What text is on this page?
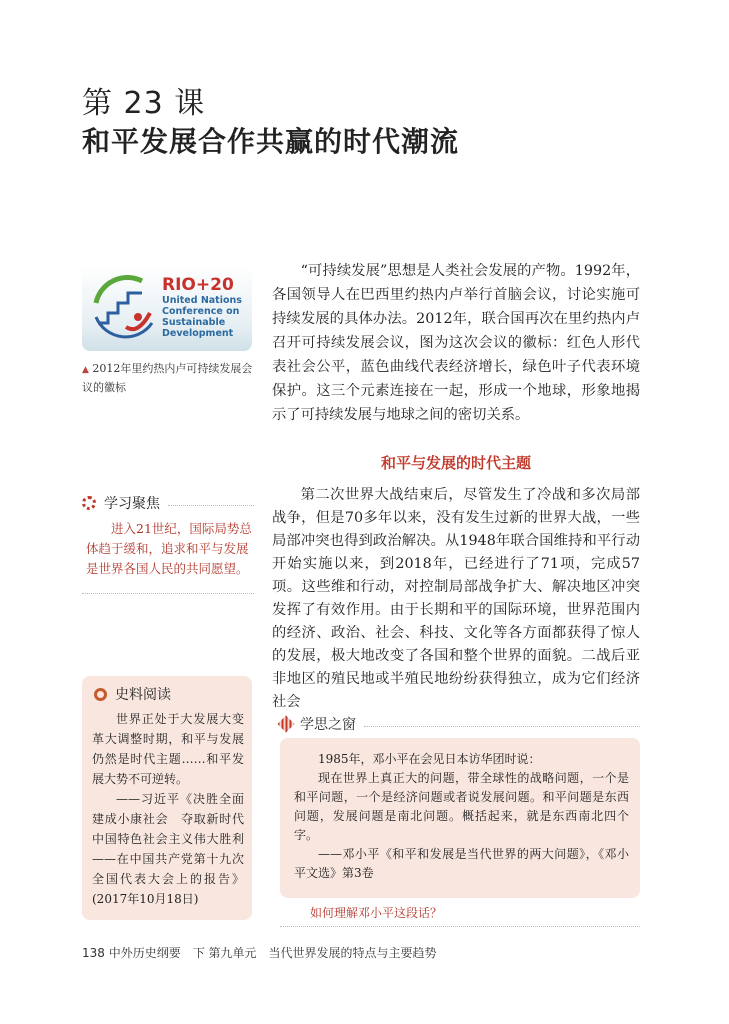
第 23 课
和平发展合作共赢的时代潮流
RIO+20
United Nations
Conference on
Sustainable
Development
▲ 2012年里约热内卢可持续发展会议的徽标
“可持续发展”思想是人类社会发展的产物。1992年，各国领导人在巴西里约热内卢举行首脑会议，讨论实施可持续发展的具体办法。2012年，联合国再次在里约热内卢召开可持续发展会议，图为这次会议的徽标：红色人形代表社会公平，蓝色曲线代表经济增长，绿色叶子代表环境保护。这三个元素连接在一起，形成一个地球，形象地揭示了可持续发展与地球之间的密切关系。
和平与发展的时代主题
第二次世界大战结束后，尽管发生了冷战和多次局部战争，但是70多年以来，没有发生过新的世界大战，一些局部冲突也得到政治解决。从1948年联合国维持和平行动开始实施以来，到2018年，已经进行了71项，完成57项。这些维和行动，对控制局部战争扩大、解决地区冲突发挥了有效作用。由于长期和平的国际环境，世界范围内的经济、政治、社会、科技、文化等各方面都获得了惊人的发展，极大地改变了各国和整个世界的面貌。二战后亚非地区的殖民地或半殖民地纷纷获得独立，成为它们经济社会
学习聚焦
进入21世纪，国际局势总体趋于缓和，追求和平与发展是世界各国人民的共同愿望。
史料阅读

世界正处于大发展大变革大调整时期，和平与发展仍然是时代主题……和平发展大势不可逆转。

——习近平《决胜全面建成小康社会　夺取新时代中国特色社会主义伟大胜利——在中国共产党第十九次全国代表大会上的报告》(2017年10月18日)

学思之窗

1985年，邓小平在会见日本访华团时说：

现在世界上真正大的问题，带全球性的战略问题，一个是和平问题，一个是经济问题或者说发展问题。和平问题是东西问题，发展问题是南北问题。概括起来，就是东西南北四个字。

——邓小平《和平和发展是当代世界的两大问题》，《邓小平文选》第3卷

如何理解邓小平这段话？
138 中外历史纲要　下 第九单元　当代世界发展的特点与主要趋势
